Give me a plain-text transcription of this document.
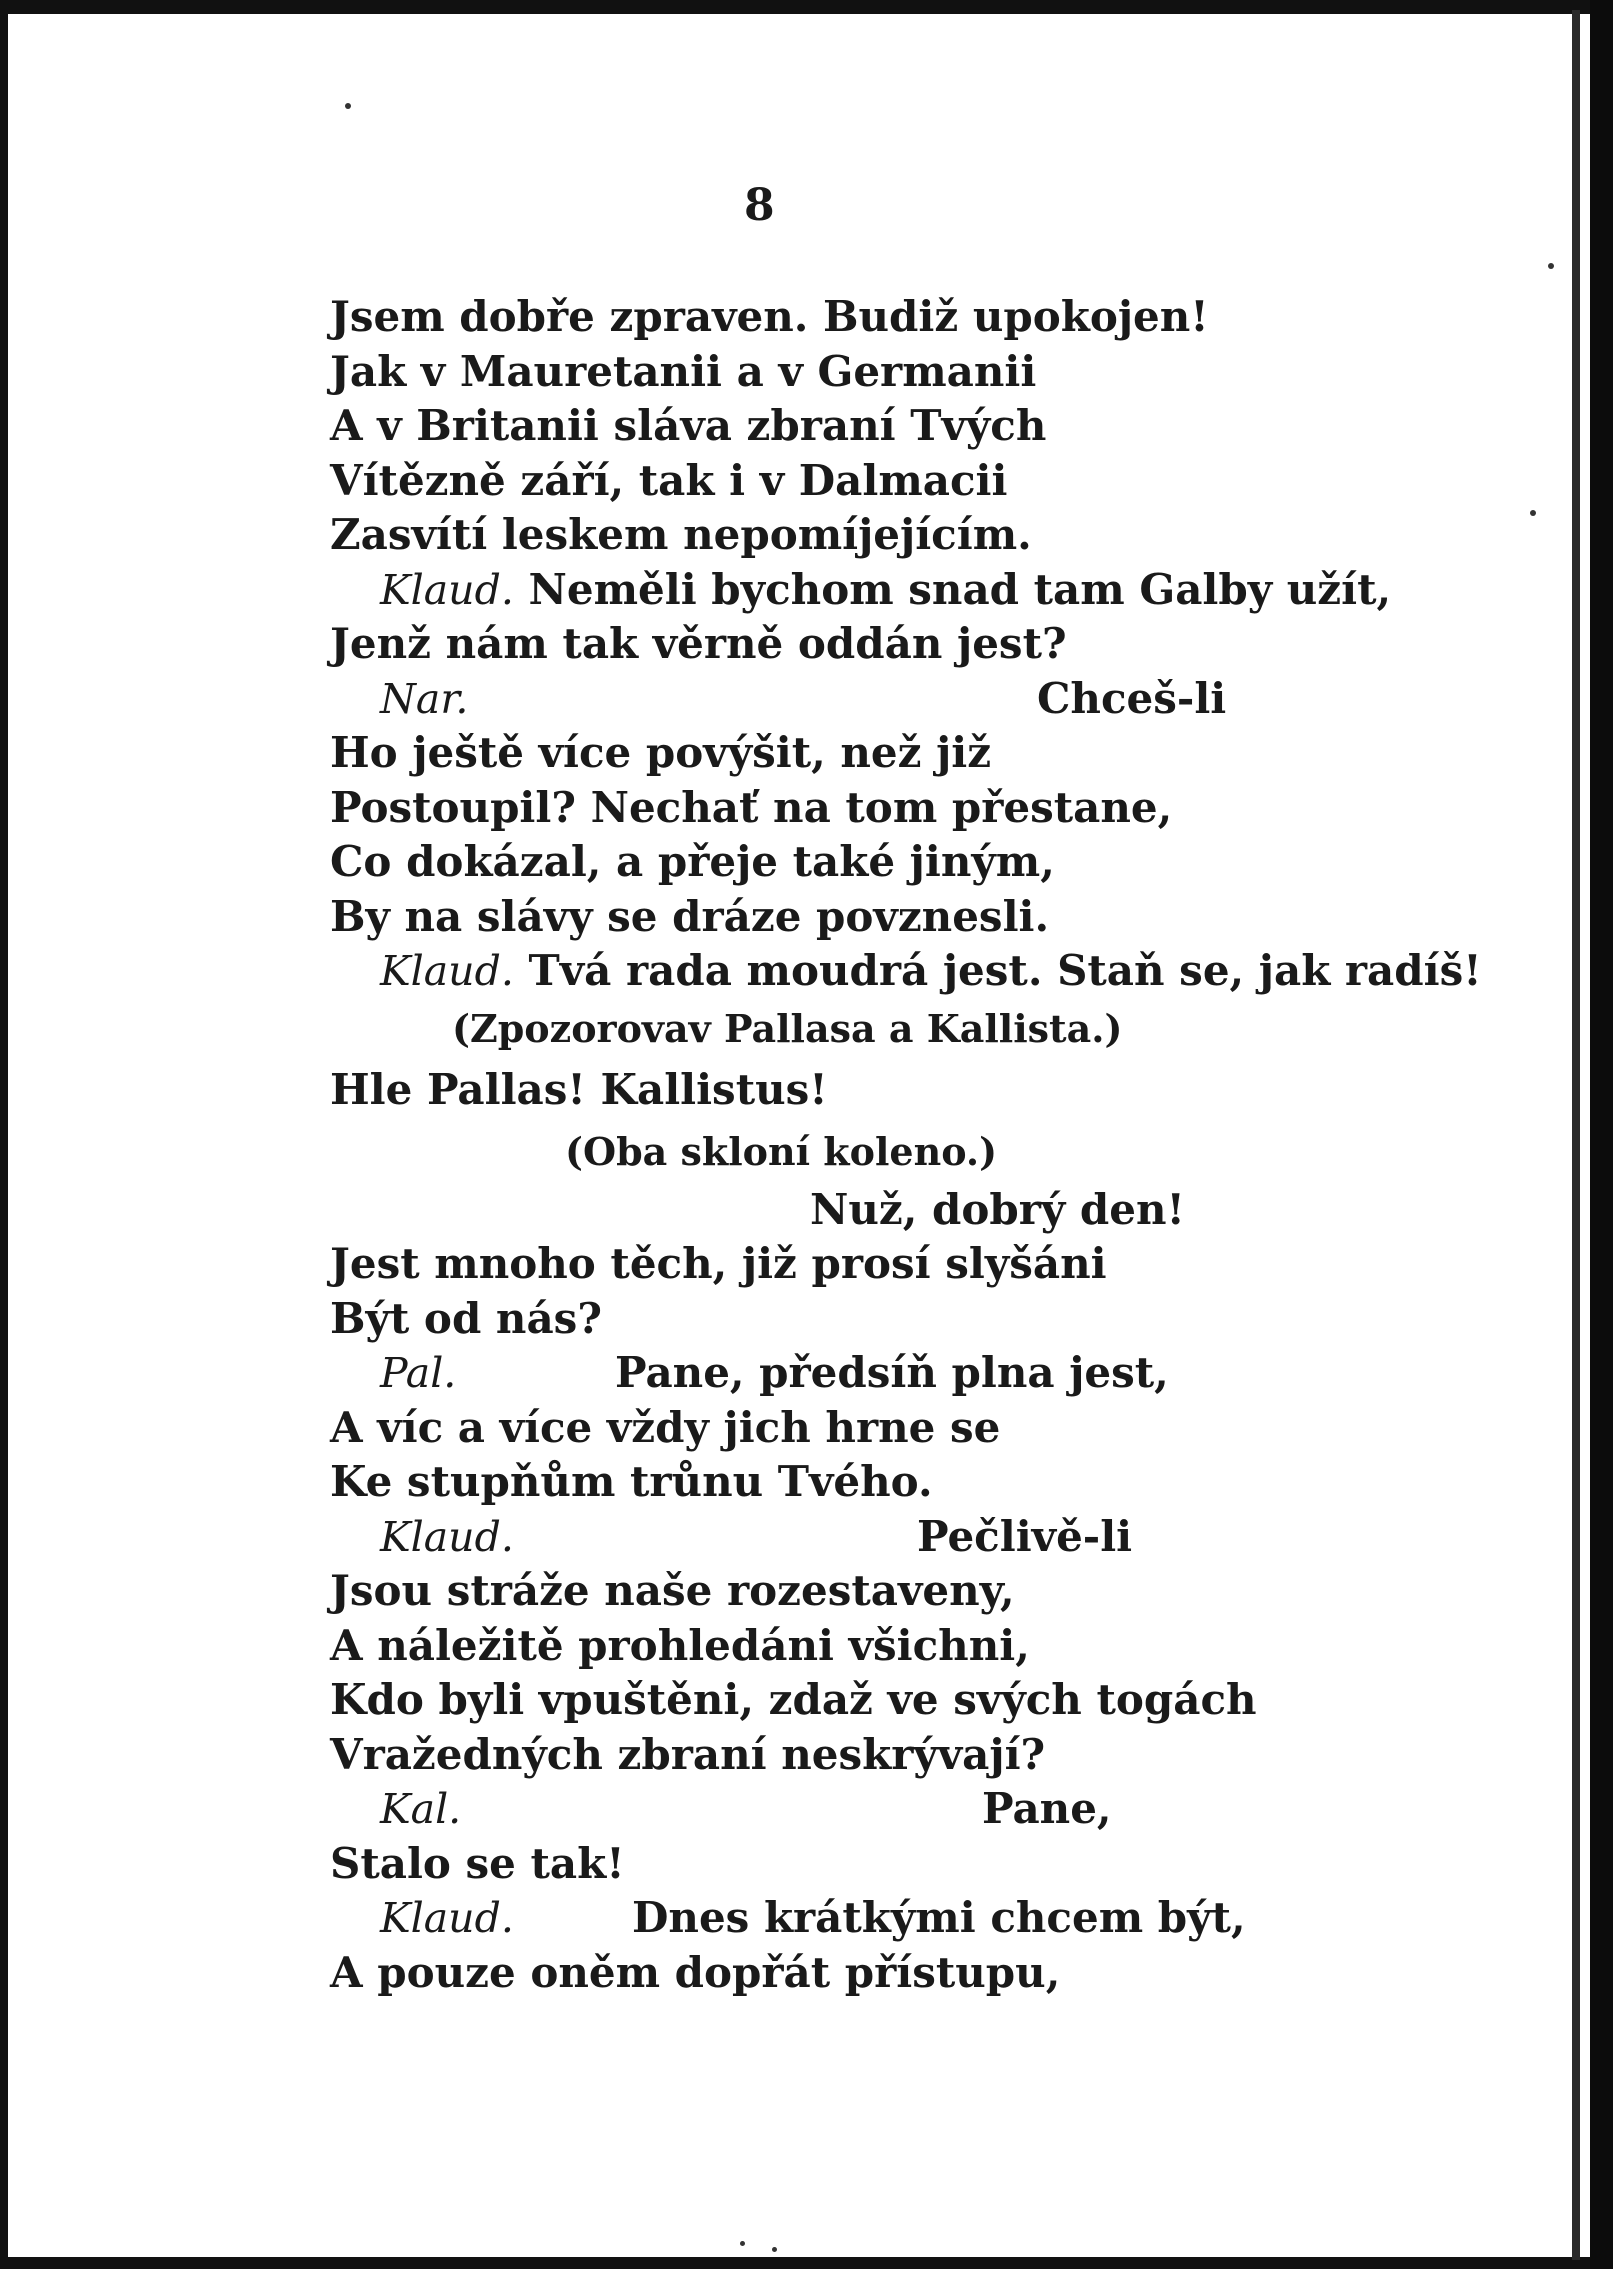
8
Jsem dobře zpraven. Budiž upokojen!
Jak v Mauretanii a v Germanii
A v Britanii sláva zbraní Tvých
Vítězně září, tak i v Dalmacii
Zasvítí leskem nepomíjejícím.
Klaud. Neměli bychom snad tam Galby užít,
Jenž nám tak věrně oddán jest?
Nar.	Chceš-li
Ho ještě více povýšit, než již
Postoupil? Nechať na tom přestane,
Co dokázal, a přeje také jiným,
By na slávy se dráze povznesli.
Klaud. Tvá rada moudrá jest. Staň se, jak radíš!
(Zpozorovav Pallasa a Kallista.)
Hle Pallas! Kallistus!
(Oba skloní koleno.)
Nuž, dobrý den!
Jest mnoho těch, již prosí slyšáni
Být od nás?
Pal.	Pane, předsíň plna jest,
A víc a více vždy jich hrne se
Ke stupňům trůnu Tvého.
Klaud.	Pečlivě-li
Jsou stráže naše rozestaveny,
A náležitě prohledáni všichni,
Kdo byli vpuštěni, zdaž ve svých togách
Vražedných zbraní neskrývají?
Kal.	Pane,
Stalo se tak!
Klaud.	Dnes krátkými chcem být,
A pouze oněm dopřát přístupu,
